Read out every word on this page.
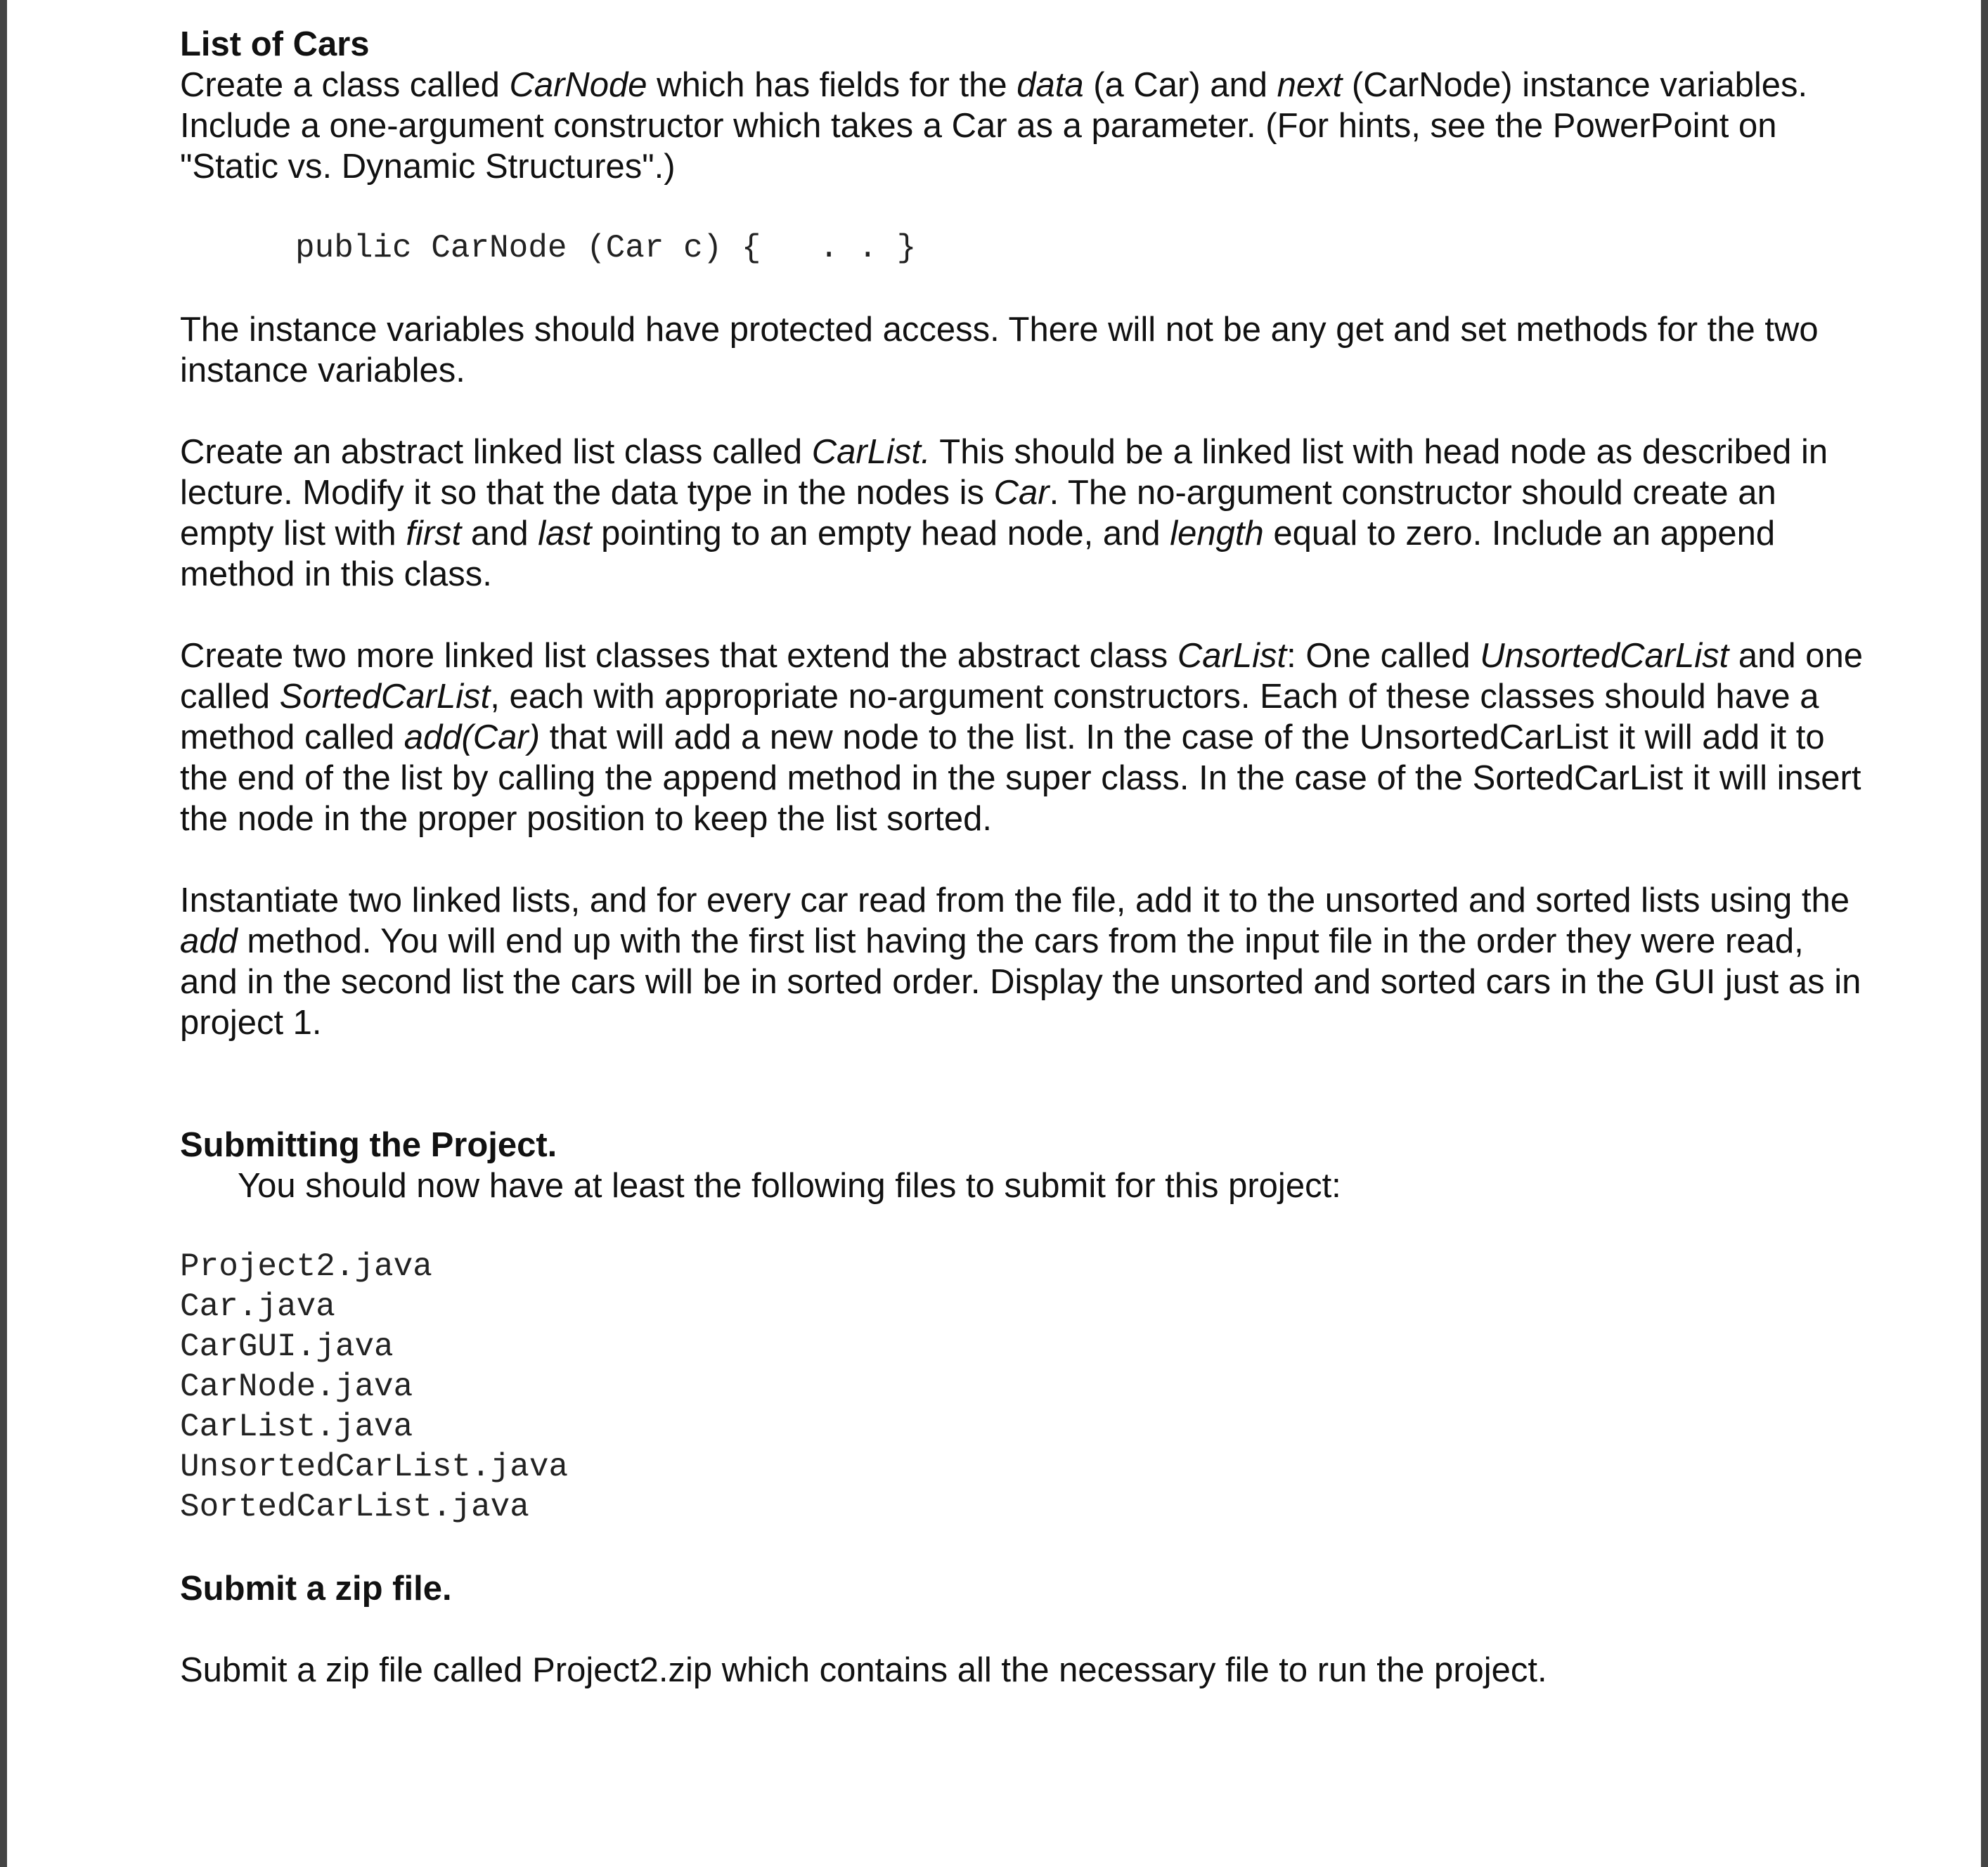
List of Cars

Create a class called CarNode which has fields for the data (a Car) and next (CarNode) instance variables. Include a one-argument constructor which takes a Car as a parameter. (For hints, see the PowerPoint on "Static vs. Dynamic Structures".)

public CarNode (Car c) {   . . }

The instance variables should have protected access. There will not be any get and set methods for the two instance variables.

Create an abstract linked list class called CarList. This should be a linked list with head node as described in lecture. Modify it so that the data type in the nodes is Car. The no-argument constructor should create an empty list with first and last pointing to an empty head node, and length equal to zero. Include an append method in this class.

Create two more linked list classes that extend the abstract class CarList: One called UnsortedCarList and one called SortedCarList, each with appropriate no-argument constructors. Each of these classes should have a method called add(Car) that will add a new node to the list. In the case of the UnsortedCarList it will add it to the end of the list by calling the append method in the super class. In the case of the SortedCarList it will insert the node in the proper position to keep the list sorted.

Instantiate two linked lists, and for every car read from the file, add it to the unsorted and sorted lists using the add method. You will end up with the first list having the cars from the input file in the order they were read, and in the second list the cars will be in sorted order. Display the unsorted and sorted cars in the GUI just as in project 1.

Submitting the Project.

You should now have at least the following files to submit for this project:

Project2.java
Car.java
CarGUI.java
CarNode.java
CarList.java
UnsortedCarList.java
SortedCarList.java

Submit a zip file.

Submit a zip file called Project2.zip which contains all the necessary file to run the project.
